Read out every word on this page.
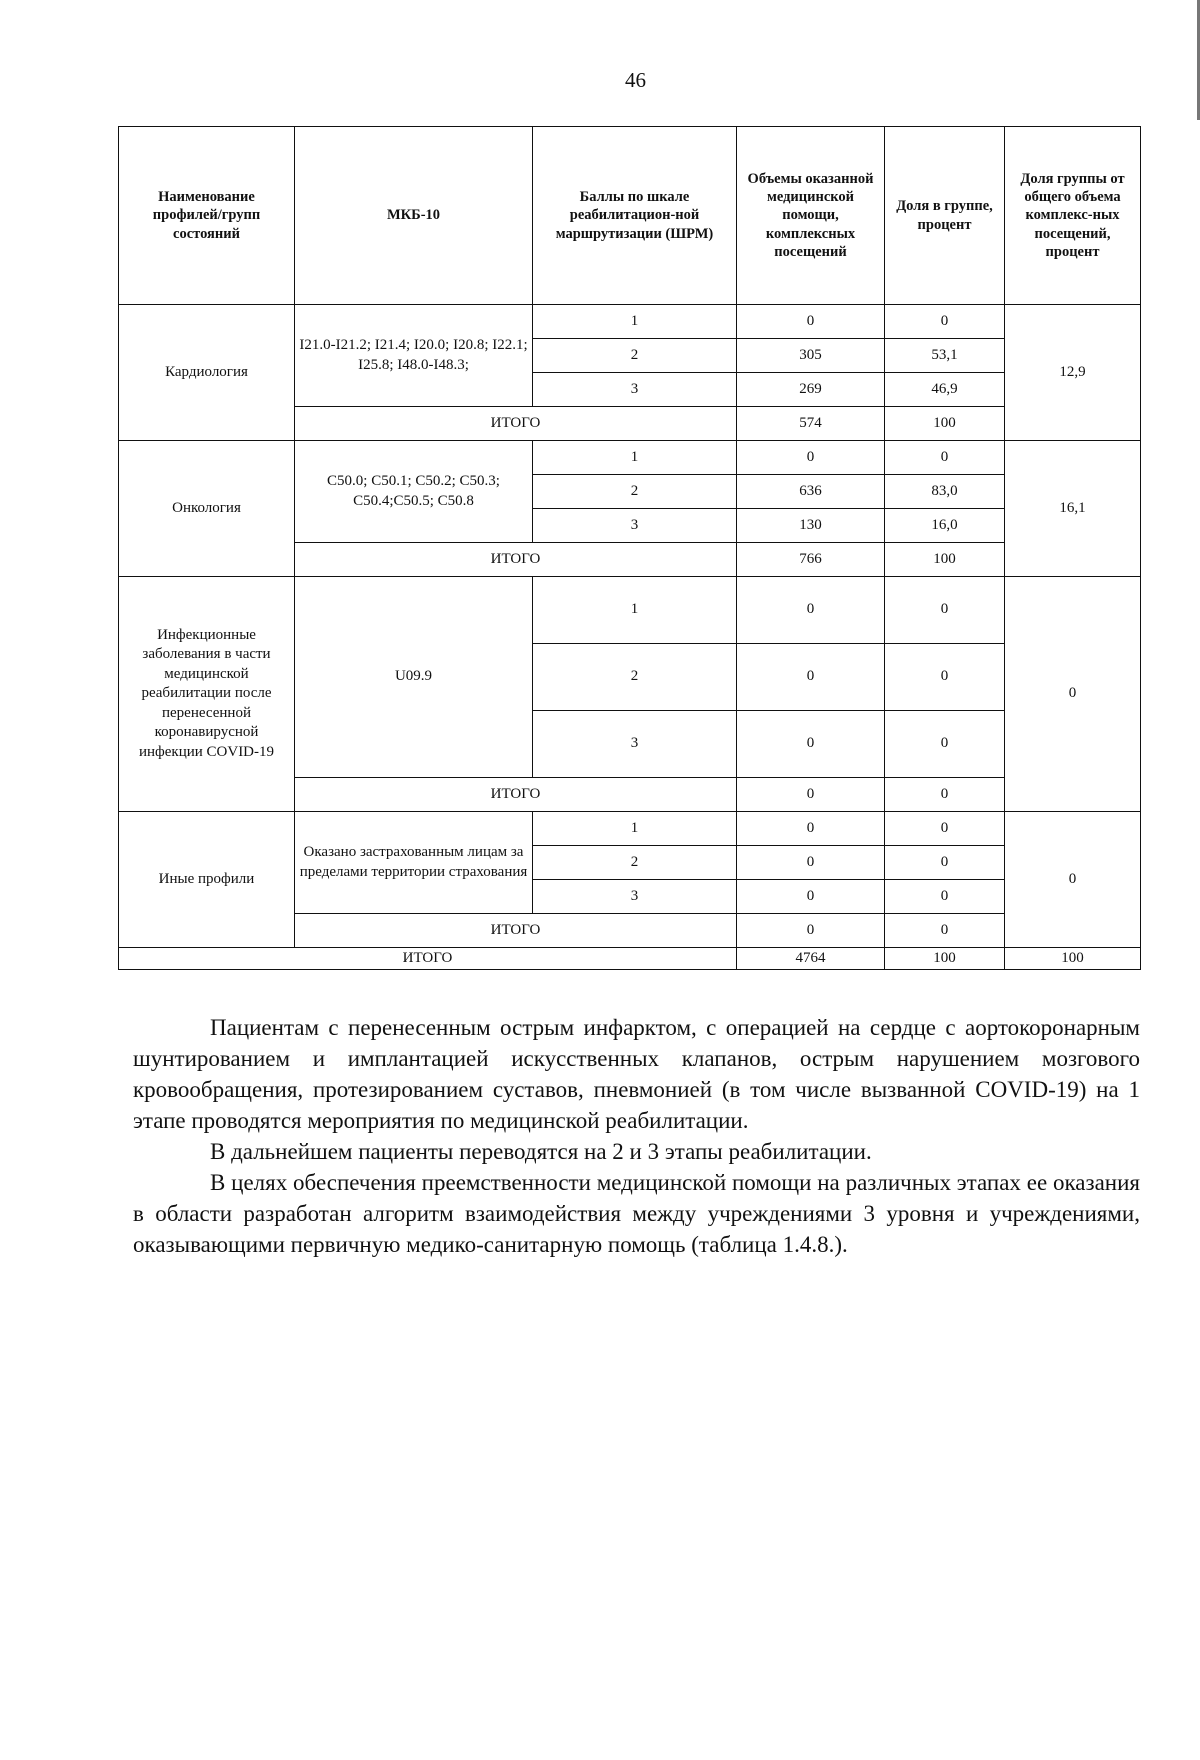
46
Наименование профилей/групп состояний	МКБ-10	Баллы по шкале реабилитацион-ной маршрутизации (ШРМ)	Объемы оказанной медицинской помощи, комплексных посещений	Доля в группе, процент	Доля группы от общего объема комплекс-ных посещений, процент
Кардиология	I21.0-I21.2; I21.4; I20.0; I20.8; I22.1; I25.8; I48.0-I48.3;	1	0	0	12,9
		2	305	53,1	
		3	269	46,9	
	ИТОГО		574	100	
Онкология	C50.0; C50.1; C50.2; C50.3; C50.4;C50.5; C50.8	1	0	0	16,1
		2	636	83,0	
		3	130	16,0	
	ИТОГО		766	100	
Инфекционные заболевания в части медицинской реабилитации после перенесенной коронавирусной инфекции COVID-19	U09.9	1	0	0	0
		2	0	0	
		3	0	0	
	ИТОГО		0	0	
Иные профили	Оказано застрахованным лицам за пределами территории страхования	1	0	0	0
		2	0	0	
		3	0	0	
	ИТОГО		0	0	
ИТОГО			4764	100	100

Пациентам с перенесенным острым инфарктом, с операцией на сердце с аортокоронарным шунтированием и имплантацией искусственных клапанов, острым нарушением мозгового кровообращения, протезированием суставов, пневмонией (в том числе вызванной COVID-19) на 1 этапе проводятся мероприятия по медицинской реабилитации.

В дальнейшем пациенты переводятся на 2 и 3 этапы реабилитации.

В целях обеспечения преемственности медицинской помощи на различных этапах ее оказания в области разработан алгоритм взаимодействия между учреждениями 3 уровня и учреждениями, оказывающими первичную медико-санитарную помощь (таблица 1.4.8.).
